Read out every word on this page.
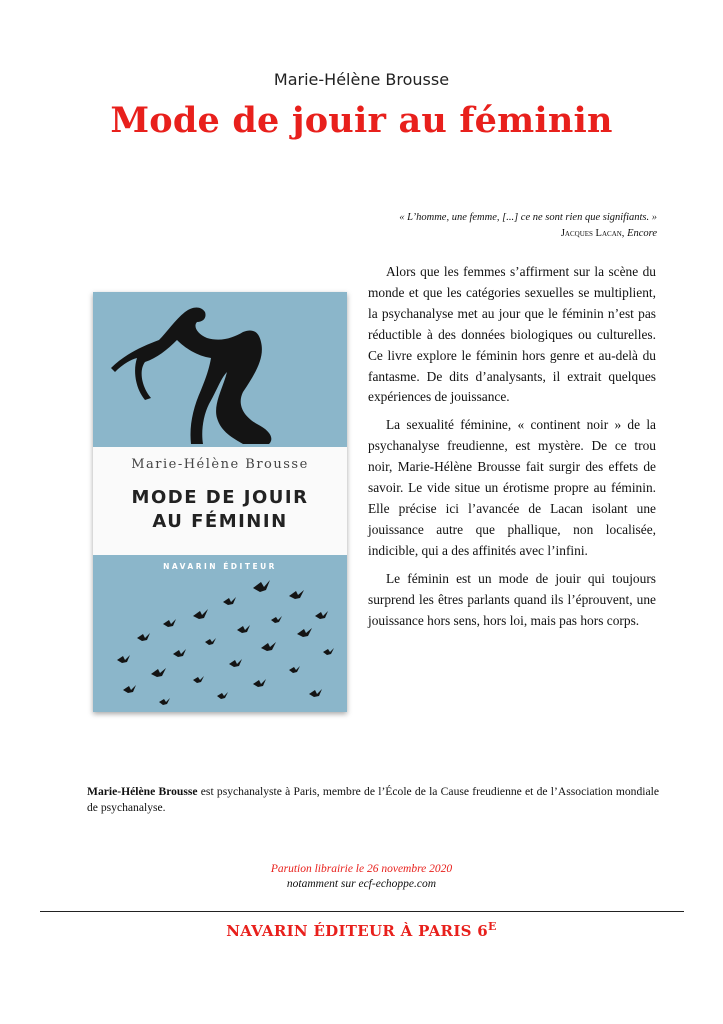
Marie-Hélène Brousse
Mode de jouir au féminin
« L’homme, une femme, [...] ce ne sont rien que signifiants. »
Jacques Lacan, Encore
Marie-Hélène Brousse
MODE DE JOUIR
AU FÉMININ
NAVARIN ÉDITEUR

Alors que les femmes s’affirment sur la scène du monde et que les catégories sexuelles se multiplient, la psychanalyse met au jour que le féminin n’est pas réductible à des données biologiques ou culturelles. Ce livre explore le féminin hors genre et au-delà du fantasme. De dits d’analysants, il extrait quelques expériences de jouissance.

La sexualité féminine, « continent noir » de la psychanalyse freudienne, est mystère. De ce trou noir, Marie-Hélène Brousse fait surgir des effets de savoir. Le vide situe un érotisme propre au féminin. Elle précise ici l’avancée de Lacan isolant une jouissance autre que phallique, non localisée, indicible, qui a des affinités avec l’infini.

Le féminin est un mode de jouir qui toujours surprend les êtres parlants quand ils l’éprouvent, une jouissance hors sens, hors loi, mais pas hors corps.

Marie-Hélène Brousse est psychanalyste à Paris, membre de l’École de la Cause freudienne et de l’Association mondiale de psychanalyse.
Parution librairie le 26 novembre 2020
notamment sur ecf-echoppe.com
NAVARIN ÉDITEUR À PARIS $6^E$
